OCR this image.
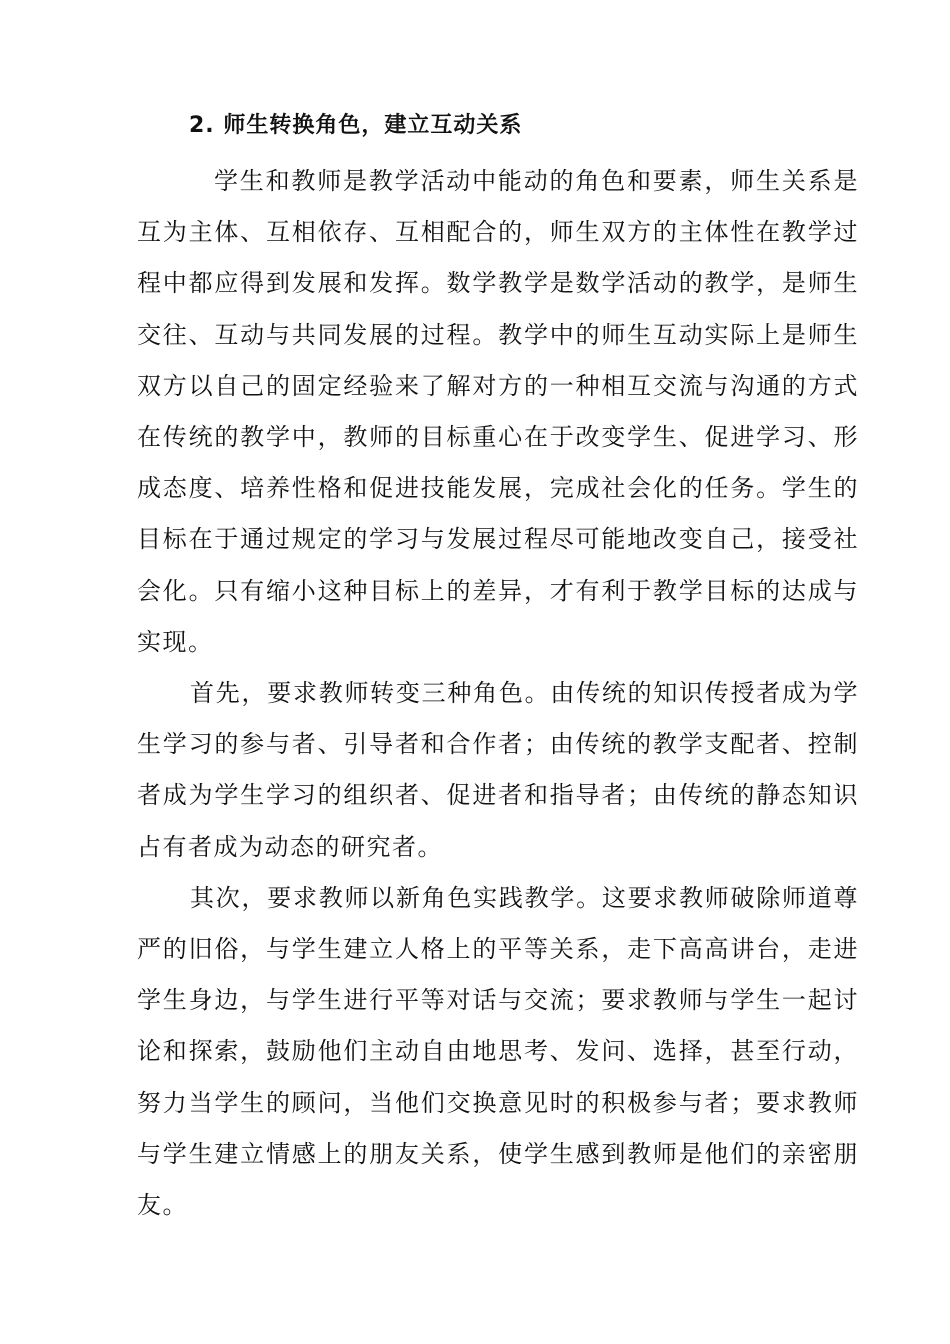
2. 师生转换角色，建立互动关系

学生和教师是教学活动中能动的角色和要素，师生关系是互为主体、互相依存、互相配合的，师生双方的主体性在教学过程中都应得到发展和发挥。数学教学是数学活动的教学，是师生交往、互动与共同发展的过程。教学中的师生互动实际上是师生双方以自己的固定经验来了解对方的一种相互交流与沟通的方式在传统的教学中，教师的目标重心在于改变学生、促进学习、形成态度、培养性格和促进技能发展，完成社会化的任务。学生的目标在于通过规定的学习与发展过程尽可能地改变自己，接受社会化。只有缩小这种目标上的差异，才有利于教学目标的达成与实现。

首先，要求教师转变三种角色。由传统的知识传授者成为学生学习的参与者、引导者和合作者；由传统的教学支配者、控制者成为学生学习的组织者、促进者和指导者；由传统的静态知识占有者成为动态的研究者。

其次，要求教师以新角色实践教学。这要求教师破除师道尊严的旧俗，与学生建立人格上的平等关系，走下高高讲台，走进学生身边，与学生进行平等对话与交流；要求教师与学生一起讨论和探索，鼓励他们主动自由地思考、发问、选择，甚至行动，努力当学生的顾问，当他们交换意见时的积极参与者；要求教师与学生建立情感上的朋友关系，使学生感到教师是他们的亲密朋友。
